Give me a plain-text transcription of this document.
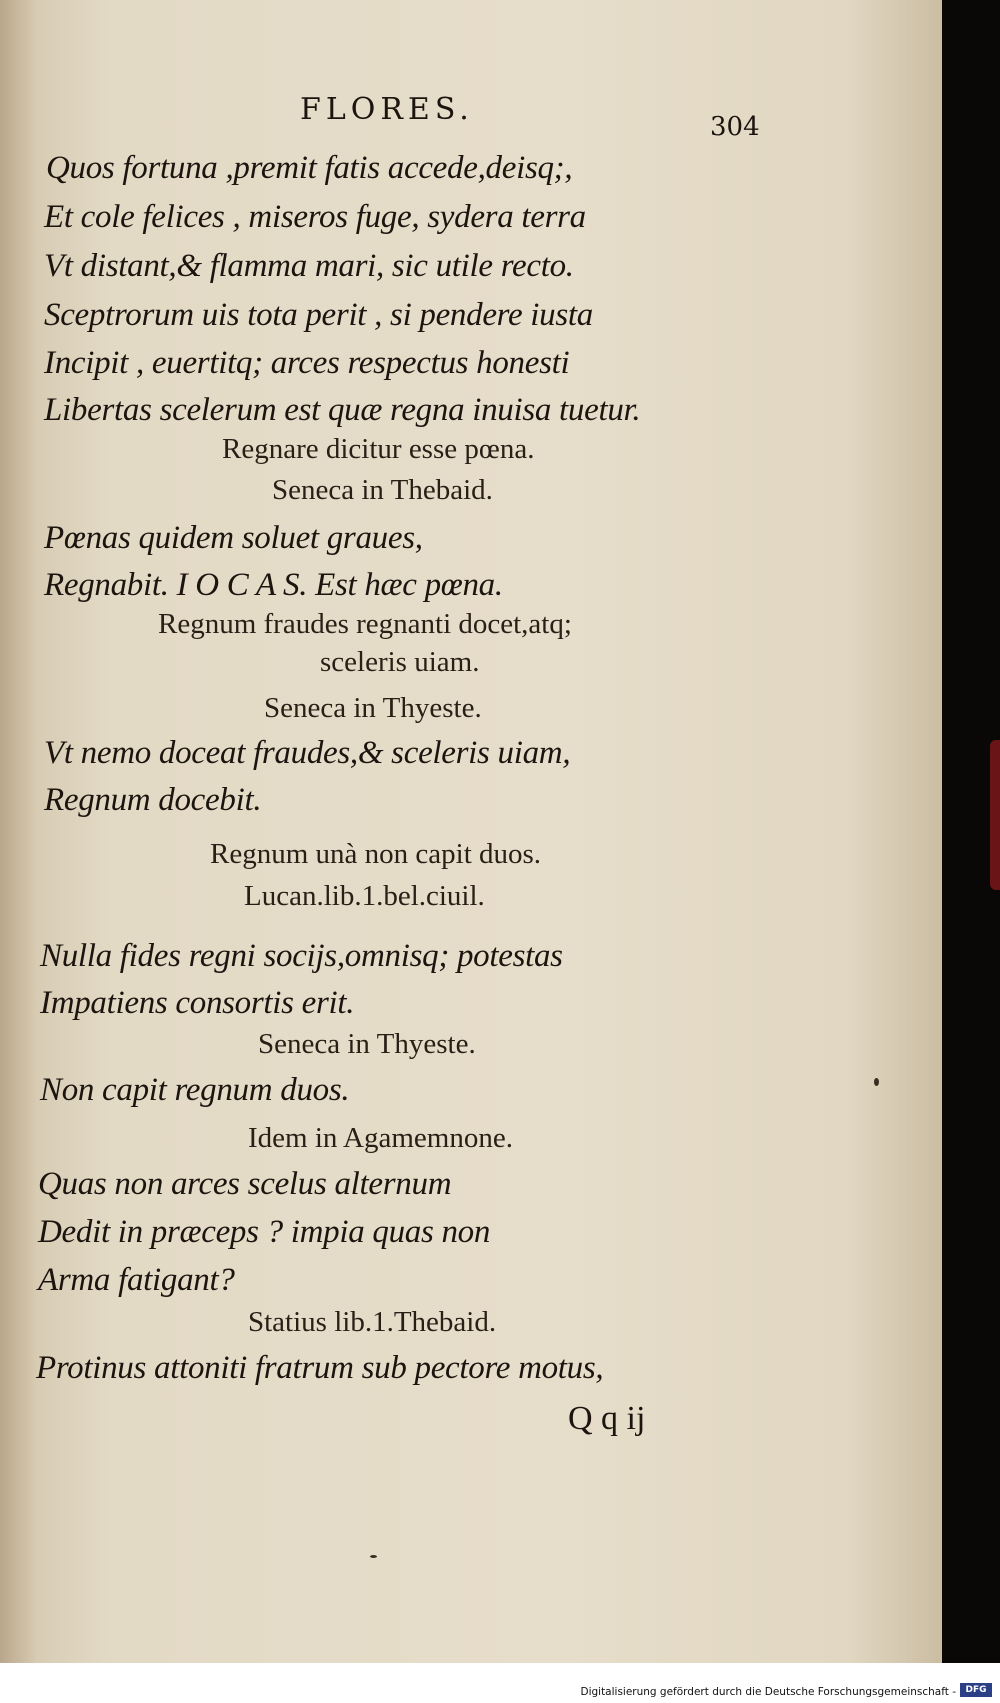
FLORES.	304
Quos fortuna ,premit fatis accede,deisq;,
Et cole felices , miseros fuge, sydera terra
Vt distant,& flamma mari, sic utile recto.
Sceptrorum uis tota perit , si pendere iusta
Incipit , euertitq; arces respectus honesti
Libertas scelerum est quæ regna inuisa tuetur.
Regnare dicitur esse pœna.
Seneca in Thebaid.
Pœnas quidem soluet graues,
Regnabit. I O C A S. Est hæc pœna.
Regnum fraudes regnanti docet,atq;
sceleris uiam.
Seneca in Thyeste.
Vt nemo doceat fraudes,& sceleris uiam,
Regnum docebit.
Regnum unà non capit duos.
Lucan.lib.1.bel.ciuil.
Nulla fides regni socijs,omnisq; potestas
Impatiens consortis erit.
Seneca in Thyeste.
Non capit regnum duos.
Idem in Agamemnone.
Quas non arces scelus alternum
Dedit in præceps ? impia quas non
Arma fatigant?
Statius lib.1.Thebaid.
Protinus attoniti fratrum sub pectore motus,
Q q ij
Digitalisierung gefördert durch die Deutsche Forschungsgemeinschaft -	DFG
